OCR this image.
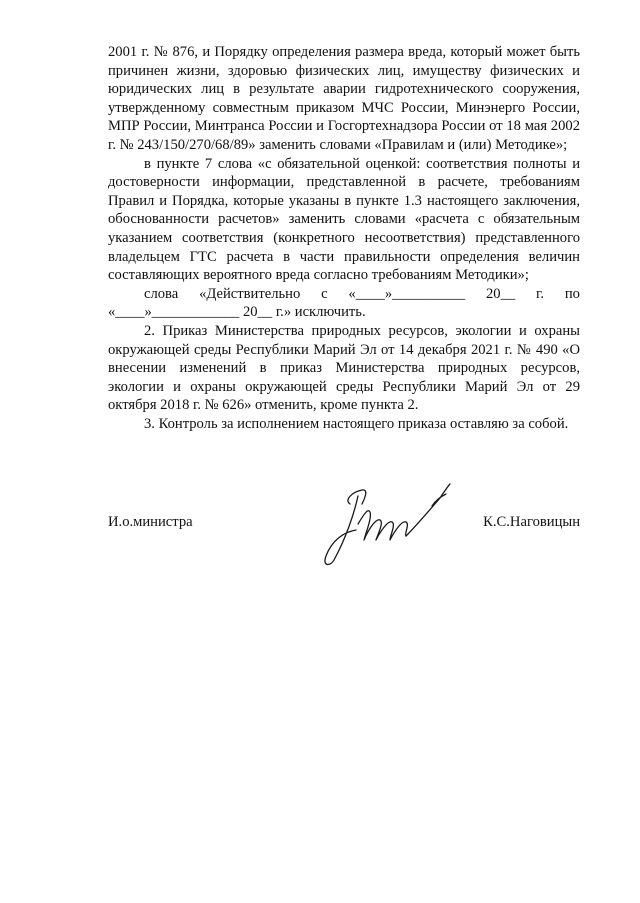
2001 г. № 876, и Порядку определения размера вреда, который может быть причинен жизни, здоровью физических лиц, имуществу физических и юридических лиц в результате аварии гидротехнического сооружения, утвержденному совместным приказом МЧС России, Минэнерго России, МПР России, Минтранса России и Госгортехнадзора России от 18 мая 2002 г. № 243/150/270/68/89» заменить словами «Правилам и (или) Методике»;

в пункте 7 слова «с обязательной оценкой: соответствия полноты и достоверности информации, представленной в расчете, требованиям Правил и Порядка, которые указаны в пункте 1.3 настоящего заключения, обоснованности расчетов» заменить словами «расчета с обязательным указанием соответствия (конкретного несоответствия) представленного владельцем ГТС расчета в части правильности определения величин составляющих вероятного вреда согласно требованиям Методики»;

слова «Действительно с «____»__________ 20__ г. по

«____»____________ 20__ г.» исключить.

2. Приказ Министерства природных ресурсов, экологии и охраны окружающей среды Республики Марий Эл от 14 декабря 2021 г. № 490 «О внесении изменений в приказ Министерства природных ресурсов, экологии и охраны окружающей среды Республики Марий Эл от 29 октября 2018 г. № 626» отменить, кроме пункта 2.

3. Контроль за исполнением настоящего приказа оставляю за собой.

И.о.министра	К.С.Наговицын
